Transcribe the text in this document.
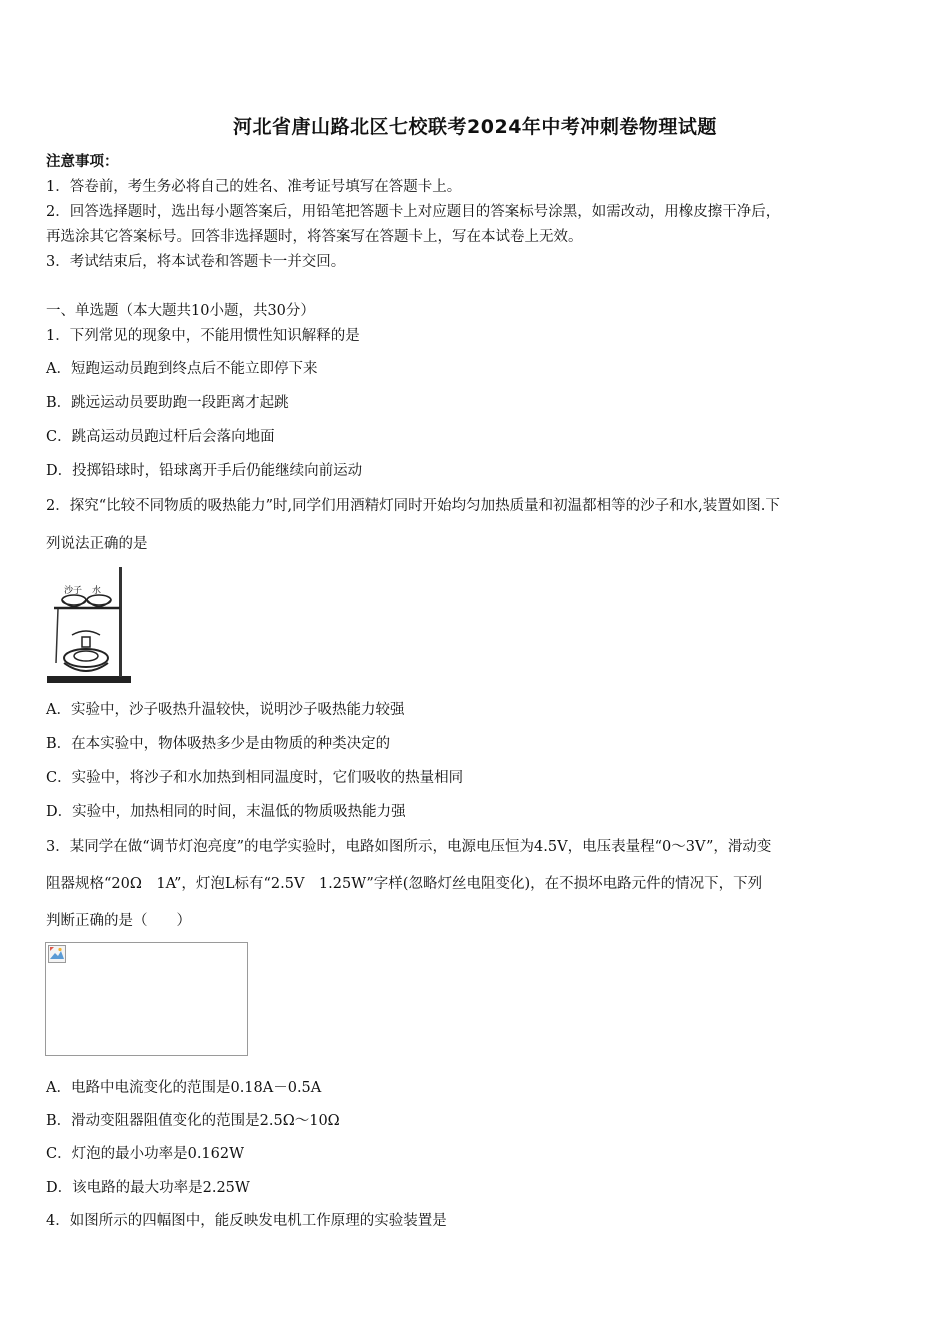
河北省唐山路北区七校联考2024年中考冲刺卷物理试题
注意事项：
1．答卷前，考生务必将自己的姓名、准考证号填写在答题卡上。
2．回答选择题时，选出每小题答案后，用铅笔把答题卡上对应题目的答案标号涂黑，如需改动，用橡皮擦干净后，
再选涂其它答案标号。回答非选择题时，将答案写在答题卡上，写在本试卷上无效。
3．考试结束后，将本试卷和答题卡一并交回。
一、单选题（本大题共10小题，共30分）
1．下列常见的现象中，不能用惯性知识解释的是
A．短跑运动员跑到终点后不能立即停下来
B．跳远运动员要助跑一段距离才起跳
C．跳高运动员跑过杆后会落向地面
D．投掷铅球时，铅球离开手后仍能继续向前运动
2．探究“比较不同物质的吸热能力”时,同学们用酒精灯同时开始均匀加热质量和初温都相等的沙子和水,装置如图.下
列说法正确的是
沙子 水
A．实验中，沙子吸热升温较快，说明沙子吸热能力较强
B．在本实验中，物体吸热多少是由物质的种类决定的
C．实验中，将沙子和水加热到相同温度时，它们吸收的热量相同
D．实验中，加热相同的时间，末温低的物质吸热能力强
3．某同学在做“调节灯泡亮度”的电学实验时，电路如图所示，电源电压恒为4.5V，电压表量程“0～3V”，滑动变
阻器规格“20Ω　1A”，灯泡L标有“2.5V　1.25W”字样(忽略灯丝电阻变化)，在不损坏电路元件的情况下，下列
判断正确的是（　　）
A．电路中电流变化的范围是0.18A－0.5A
B．滑动变阻器阻值变化的范围是2.5Ω～10Ω
C．灯泡的最小功率是0.162W
D．该电路的最大功率是2.25W
4．如图所示的四幅图中，能反映发电机工作原理的实验装置是
